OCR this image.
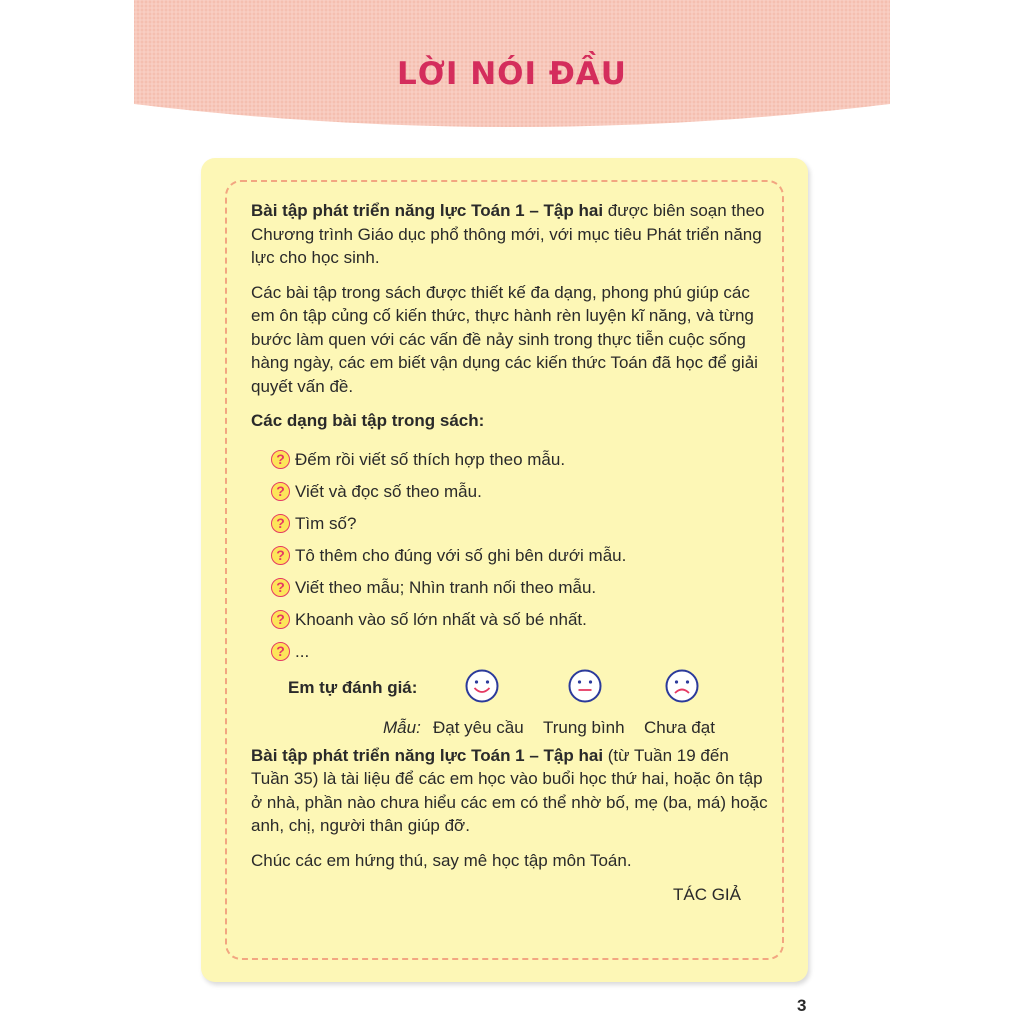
LỜI NÓI ĐẦU

Bài tập phát triển năng lực Toán 1 – Tập hai được biên soạn theo Chương trình Giáo dục phổ thông mới, với mục tiêu Phát triển năng lực cho học sinh.

Các bài tập trong sách được thiết kế đa dạng, phong phú giúp các em ôn tập củng cố kiến thức, thực hành rèn luyện kĩ năng, và từng bước làm quen với các vấn đề nảy sinh trong thực tiễn cuộc sống hàng ngày, các em biết vận dụng các kiến thức Toán đã học để giải quyết vấn đề.

Các dạng bài tập trong sách:

? Đếm rồi viết số thích hợp theo mẫu.
? Viết và đọc số theo mẫu.
? Tìm số?
? Tô thêm cho đúng với số ghi bên dưới mẫu.
? Viết theo mẫu; Nhìn tranh nối theo mẫu.
? Khoanh vào số lớn nhất và số bé nhất.
? ...
Em tự đánh giá:
Mẫu: Đạt yêu cầu Trung bình Chưa đạt

Bài tập phát triển năng lực Toán 1 – Tập hai (từ Tuần 19 đến Tuần 35) là tài liệu để các em học vào buổi học thứ hai, hoặc ôn tập ở nhà, phần nào chưa hiểu các em có thể nhờ bố, mẹ (ba, má) hoặc anh, chị, người thân giúp đỡ.

Chúc các em hứng thú, say mê học tập môn Toán.

TÁC GIẢ

3
